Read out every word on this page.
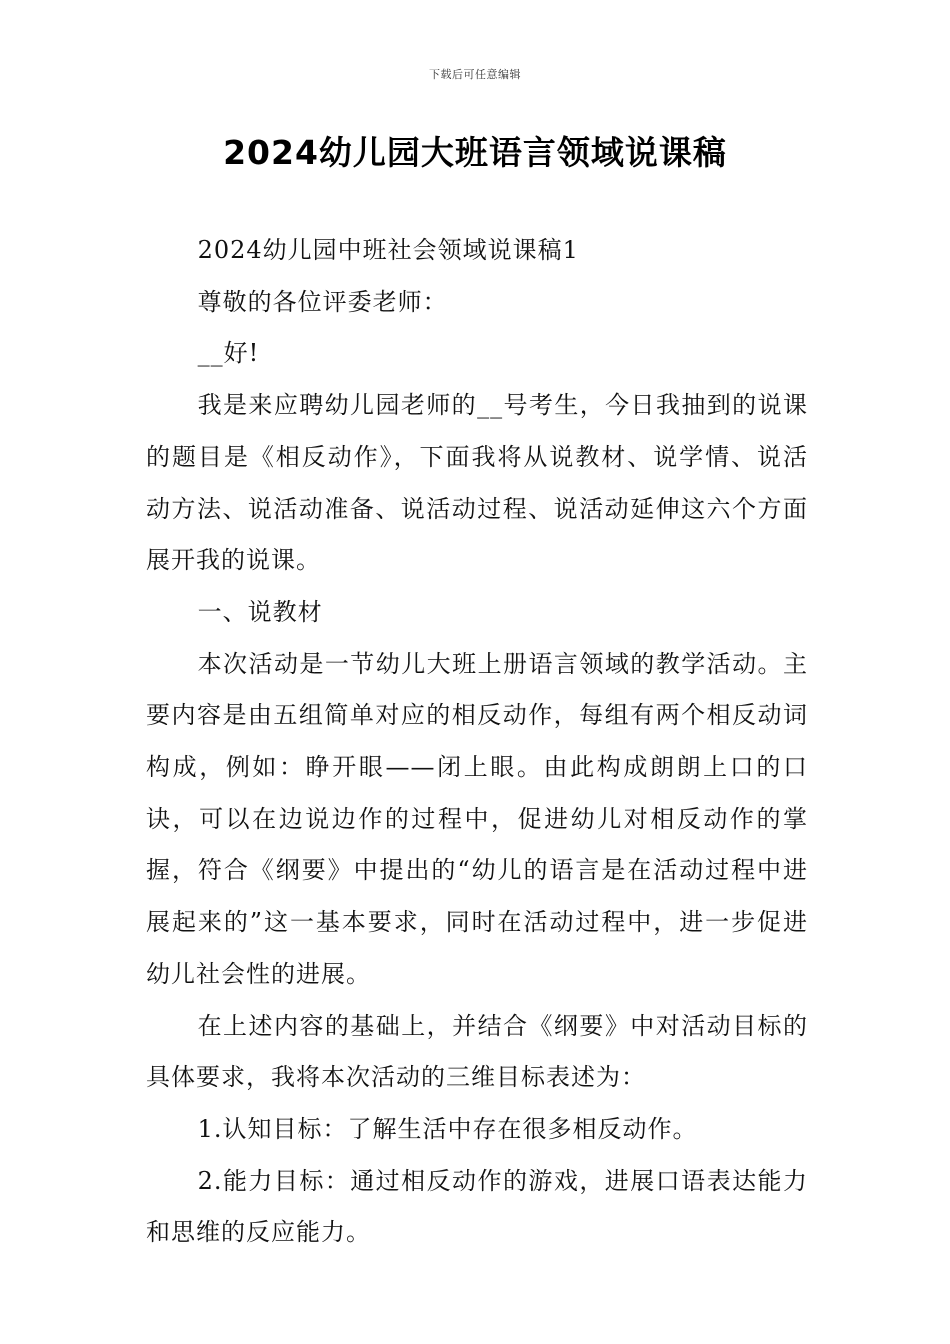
下载后可任意编辑
2024幼儿园大班语言领域说课稿

2024幼儿园中班社会领域说课稿1

尊敬的各位评委老师：

__好!

我是来应聘幼儿园老师的__号考生，今日我抽到的说课的题目是《相反动作》，下面我将从说教材、说学情、说活动方法、说活动准备、说活动过程、说活动延伸这六个方面展开我的说课。

一、说教材

本次活动是一节幼儿大班上册语言领域的教学活动。主要内容是由五组简单对应的相反动作，每组有两个相反动词构成，例如：睁开眼——闭上眼。由此构成朗朗上口的口诀，可以在边说边作的过程中，促进幼儿对相反动作的掌握，符合《纲要》中提出的“幼儿的语言是在活动过程中进展起来的”这一基本要求，同时在活动过程中，进一步促进幼儿社会性的进展。

在上述内容的基础上，并结合《纲要》中对活动目标的具体要求，我将本次活动的三维目标表述为：

1.认知目标：了解生活中存在很多相反动作。

2.能力目标：通过相反动作的游戏，进展口语表达能力和思维的反应能力。
